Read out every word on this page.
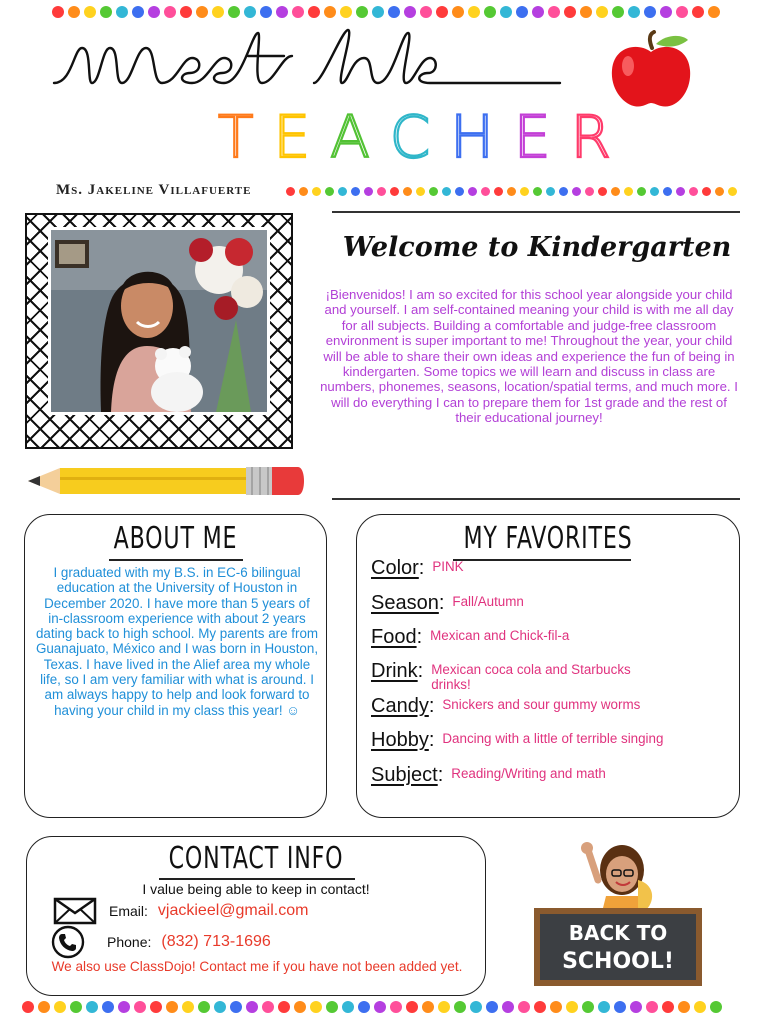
T E A C H E R
Ms. Jakeline Villafuerte
Welcome to Kindergarten
¡Bienvenidos! I am so excited for this school year alongside your child and yourself. I am self-contained meaning your child is with me all day for all subjects. Building a comfortable and judge-free classroom environment is super important to me! Throughout the year, your child will be able to share their own ideas and experience the fun of being in kindergarten. Some topics we will learn and discuss in class are numbers, phonemes, seasons, location/spatial terms, and much more. I will do everything I can to prepare them for 1st grade and the rest of their educational journey!
ABOUT ME
I graduated with my B.S. in EC-6 bilingual education at the University of Houston in December 2020. I have more than 5 years of in-classroom experience with about 2 years dating back to high school. My parents are from Guanajuato, México and I was born in Houston, Texas. I have lived in the Alief area my whole life, so I am very familiar with what is around. I am always happy to help and look forward to having your child in my class this year! ☺
MY FAVORITES
Color : PINK
Season : Fall/Autumn
Food : Mexican and Chick-fil-a
Drink : Mexican coca cola and Starbucks drinks!
Candy : Snickers and sour gummy worms
Hobby : Dancing with a little of terrible singing
Subject : Reading/Writing and math
CONTACT INFO
I value being able to keep in contact!
Email: vjackieel@gmail.com
Phone: (832) 713-1696
We also use ClassDojo! Contact me if you have not been added yet.
BACK TO
SCHOOL!
